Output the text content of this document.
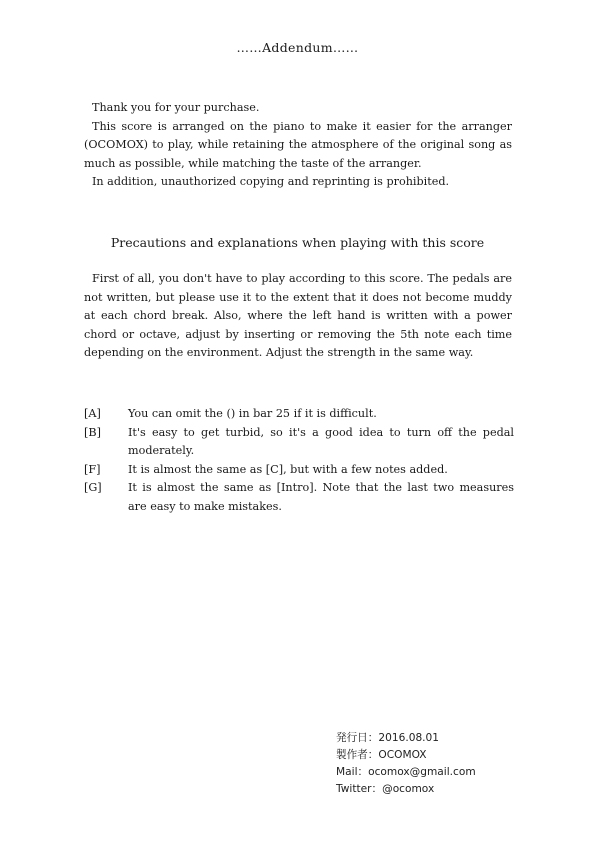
……Addendum……

Thank you for your purchase.

This score is arranged on the piano to make it easier for the arranger (OCOMOX) to play, while retaining the atmosphere of the original song as much as possible, while matching the taste of the arranger.

In addition, unauthorized copying and reprinting is prohibited.

Precautions and explanations when playing with this score

First of all, you don't have to play according to this score. The pedals are not written, but please use it to the extent that it does not become muddy at each chord break. Also, where the left hand is written with a power chord or octave, adjust by inserting or removing the 5th note each time depending on the environment. Adjust the strength in the same way.

[A]	You can omit the () in bar 25 if it is difficult.
[B]	It's easy to get turbid, so it's a good idea to turn off the pedal moderately.
[F]	It is almost the same as [C], but with a few notes added.
[G]	It is almost the same as [Intro]. Note that the last two measures are easy to make mistakes.
発行日：2016.08.01
製作者：OCOMOX
Mail：ocomox@gmail.com
Twitter：@ocomox
